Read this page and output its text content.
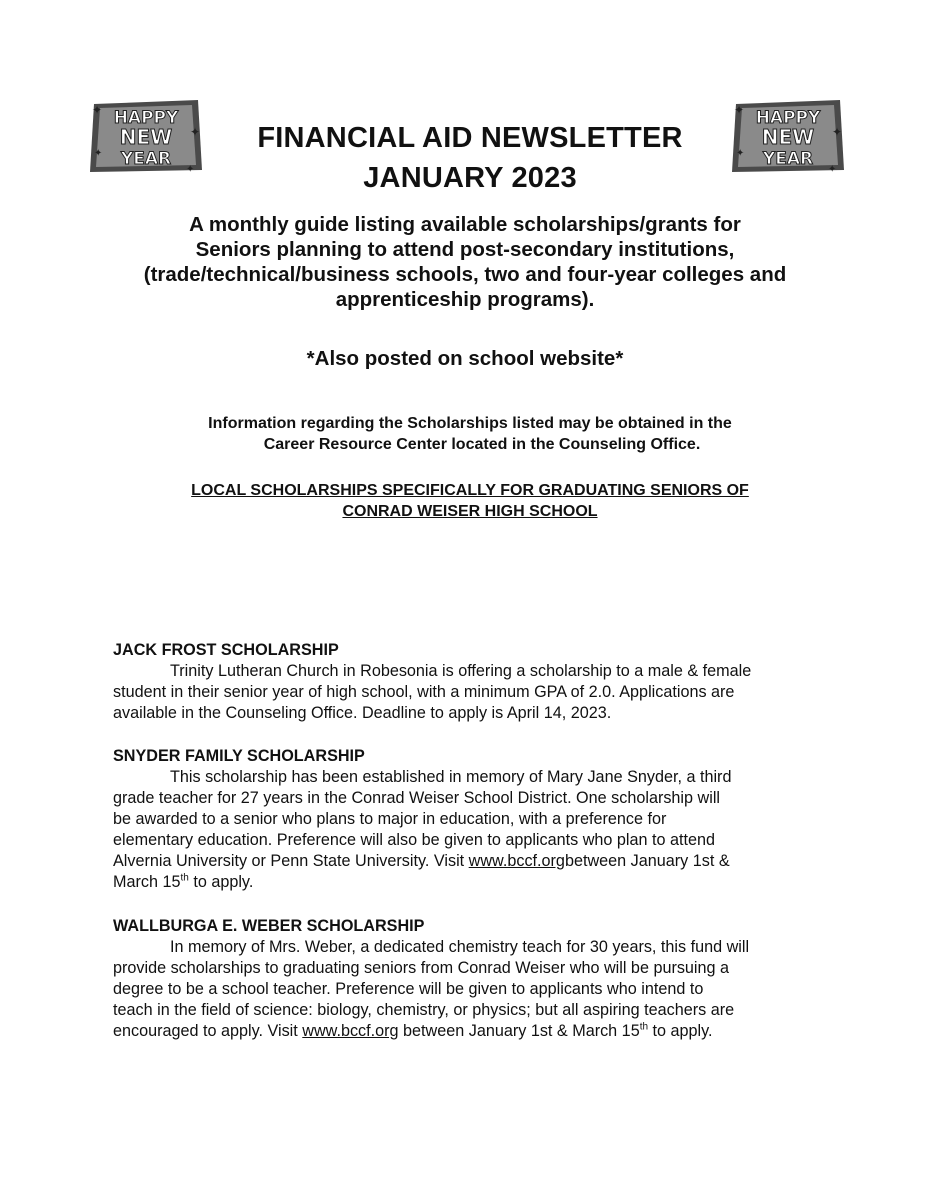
HAPPY
NEW
YEAR
✦
✦
✦
✦
FINANCIAL AID NEWSLETTER
JANUARY 2023
HAPPY
NEW
YEAR
✦
✦
✦
✦
A monthly guide listing available scholarships/grants for
Seniors planning to attend post-secondary institutions,
(trade/technical/business schools, two and four-year colleges and
apprenticeship programs).
*Also posted on school website*
Information regarding the Scholarships listed may be obtained in the
Career Resource Center located in the Counseling Office.
LOCAL SCHOLARSHIPS SPECIFICALLY FOR GRADUATING SENIORS OF
CONRAD WEISER HIGH SCHOOL
JACK FROST SCHOLARSHIP

Trinity Lutheran Church in Robesonia is offering a scholarship to a male & female

student in their senior year of high school, with a minimum GPA of 2.0. Applications are

available in the Counseling Office. Deadline to apply is April 14, 2023.

SNYDER FAMILY SCHOLARSHIP

This scholarship has been established in memory of Mary Jane Snyder, a third

grade teacher for 27 years in the Conrad Weiser School District. One scholarship will

be awarded to a senior who plans to major in education, with a preference for

elementary education. Preference will also be given to applicants who plan to attend

Alvernia University or Penn State University. Visit www.bccf.orgbetween January 1st &

March 15th to apply.

WALLBURGA E. WEBER SCHOLARSHIP

In memory of Mrs. Weber, a dedicated chemistry teach for 30 years, this fund will

provide scholarships to graduating seniors from Conrad Weiser who will be pursuing a

degree to be a school teacher. Preference will be given to applicants who intend to

teach in the field of science: biology, chemistry, or physics; but all aspiring teachers are

encouraged to apply. Visit www.bccf.org between January 1st & March 15th to apply.
